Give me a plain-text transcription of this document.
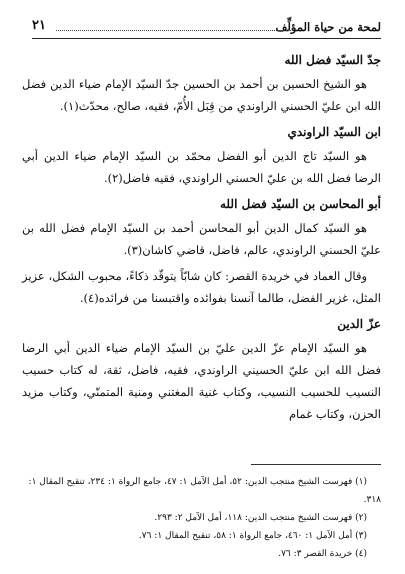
لمحة من حياة المؤلِّف
٢١
جدّ السيّد فضل الله

هو الشيخ الحسين بن أحمد بن الحسين جدّ السيّد الإمام ضياء الدين فضل الله ابن عليّ الحسني الراوندي من قِبَل الأُمّ، فقيه، صالح، محدّث(١).

ابن السيّد الراوندي

هو السيّد تاج الدين أبو الفضل محمّد بن السيّد الإمام ضياء الدين أبي الرضا فضل الله بن عليّ الحسني الراوندي، فقيه فاضل(٢).

أبو المحاسن بن السيّد فضل الله

هو السيّد كمال الدين أبو المحاسن أحمد بن السيّد الإمام فضل الله بن عليّ الحسني الراوندي، عالم، فاضل، قاضي كاشان(٣).

وقال العماد في خريدة القصر: كان شابّاً يتوقّد ذكاءً، محبوب الشكل، عزيز المثل، غزير الفضل، طالما آنسنا بفوائده واقتبسنا من فرائده(٤).

عزّ الدين

هو السيّد الإمام عزّ الدين عليّ بن السيّد الإمام ضياء الدين أبي الرضا فضل الله ابن عليّ الحسيني الراوندي، فقيه، فاضل، ثقة، له كتاب حسيب النسيب للحسيب النسيب، وكتاب غنية المغتني ومنية المتمنّي، وكتاب مزيد الحزن، وكتاب غمام

(١) فهرست الشيخ منتجب الدين: ٥٢، أمل الآمل ١: ٤٧، جامع الرواة ١: ٢٣٤، تنقيح المقال ١: ٣١٨.

(٢) فهرست الشيخ منتجب الدين: ١١٨، أمل الآمل ٢: ٢٩٣.

(٣) أمل الآمل ١: ٤٦٠، جامع الرواة ١: ٥٨، تنقيح المقال ١: ٧٦.

(٤) خريدة القصر ٣: ٧٦.
